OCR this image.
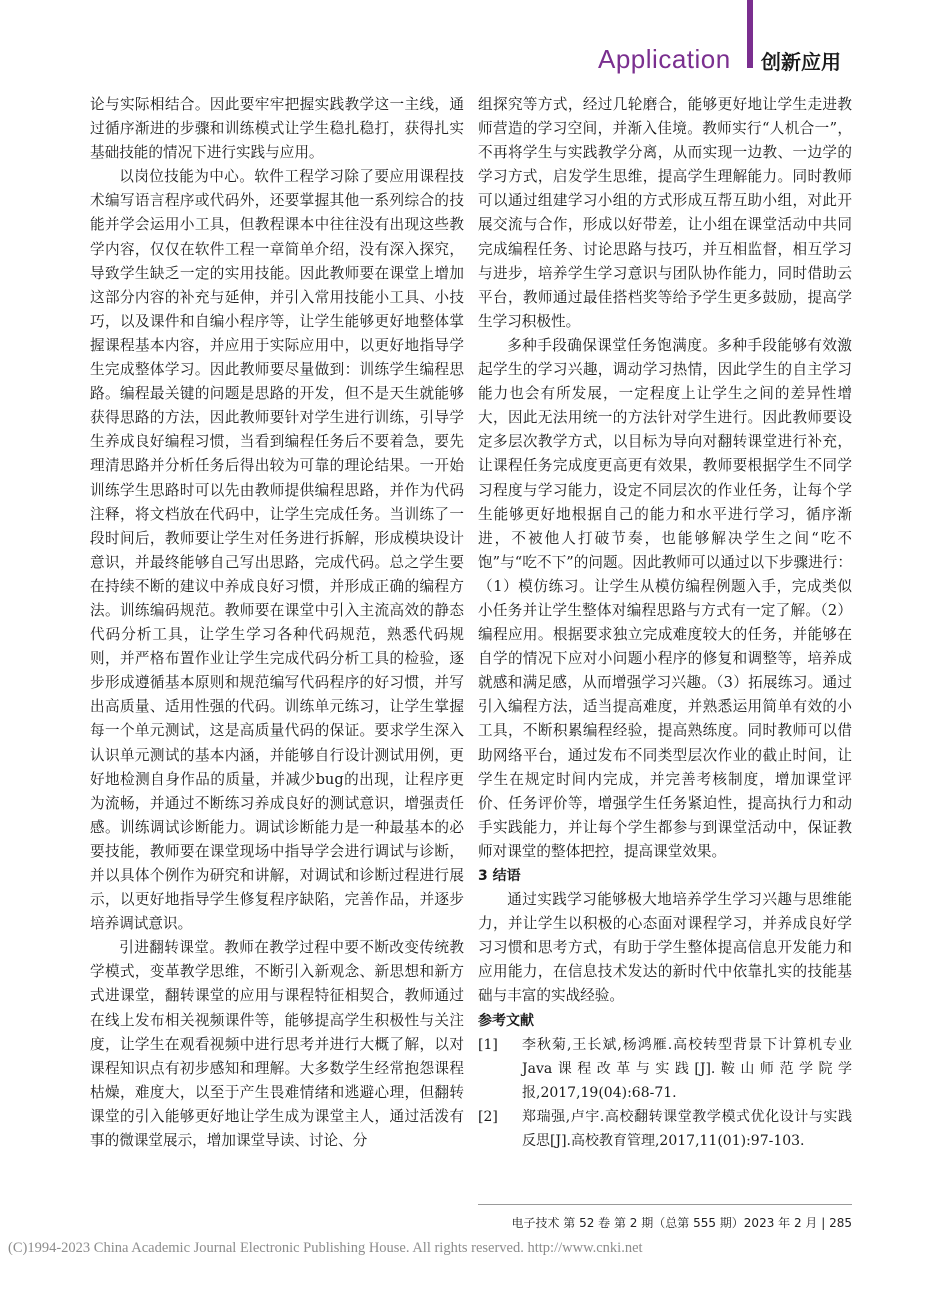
Application 创新应用

论与实际相结合。因此要牢牢把握实践教学这一主线，通过循序渐进的步骤和训练模式让学生稳扎稳打，获得扎实基础技能的情况下进行实践与应用。

以岗位技能为中心。软件工程学习除了要应用课程技术编写语言程序或代码外，还要掌握其他一系列综合的技能并学会运用小工具，但教程课本中往往没有出现这些教学内容，仅仅在软件工程一章简单介绍，没有深入探究，导致学生缺乏一定的实用技能。因此教师要在课堂上增加这部分内容的补充与延伸，并引入常用技能小工具、小技巧，以及课件和自编小程序等，让学生能够更好地整体掌握课程基本内容，并应用于实际应用中，以更好地指导学生完成整体学习。因此教师要尽量做到：训练学生编程思路。编程最关键的问题是思路的开发，但不是天生就能够获得思路的方法，因此教师要针对学生进行训练，引导学生养成良好编程习惯，当看到编程任务后不要着急，要先理清思路并分析任务后得出较为可靠的理论结果。一开始训练学生思路时可以先由教师提供编程思路，并作为代码注释，将文档放在代码中，让学生完成任务。当训练了一段时间后，教师要让学生对任务进行拆解，形成模块设计意识，并最终能够自己写出思路，完成代码。总之学生要在持续不断的建议中养成良好习惯，并形成正确的编程方法。训练编码规范。教师要在课堂中引入主流高效的静态代码分析工具，让学生学习各种代码规范，熟悉代码规则，并严格布置作业让学生完成代码分析工具的检验，逐步形成遵循基本原则和规范编写代码程序的好习惯，并写出高质量、适用性强的代码。训练单元练习，让学生掌握每一个单元测试，这是高质量代码的保证。要求学生深入认识单元测试的基本内涵，并能够自行设计测试用例，更好地检测自身作品的质量，并减少bug的出现，让程序更为流畅，并通过不断练习养成良好的测试意识，增强责任感。训练调试诊断能力。调试诊断能力是一种最基本的必要技能，教师要在课堂现场中指导学会进行调试与诊断，并以具体个例作为研究和讲解，对调试和诊断过程进行展示，以更好地指导学生修复程序缺陷，完善作品，并逐步培养调试意识。

引进翻转课堂。教师在教学过程中要不断改变传统教学模式，变革教学思维，不断引入新观念、新思想和新方式进课堂，翻转课堂的应用与课程特征相契合，教师通过在线上发布相关视频课件等，能够提高学生积极性与关注度，让学生在观看视频中进行思考并进行大概了解，以对课程知识点有初步感知和理解。大多数学生经常抱怨课程枯燥，难度大，以至于产生畏难情绪和逃避心理，但翻转课堂的引入能够更好地让学生成为课堂主人，通过活泼有事的微课堂展示，增加课堂导读、讨论、分

组探究等方式，经过几轮磨合，能够更好地让学生走进教师营造的学习空间，并渐入佳境。教师实行“人机合一”，不再将学生与实践教学分离，从而实现一边教、一边学的学习方式，启发学生思维，提高学生理解能力。同时教师可以通过组建学习小组的方式形成互帮互助小组，对此开展交流与合作，形成以好带差，让小组在课堂活动中共同完成编程任务、讨论思路与技巧，并互相监督，相互学习与进步，培养学生学习意识与团队协作能力，同时借助云平台，教师通过最佳搭档奖等给予学生更多鼓励，提高学生学习积极性。

多种手段确保课堂任务饱满度。多种手段能够有效激起学生的学习兴趣，调动学习热情，因此学生的自主学习能力也会有所发展，一定程度上让学生之间的差异性增大，因此无法用统一的方法针对学生进行。因此教师要设定多层次教学方式，以目标为导向对翻转课堂进行补充，让课程任务完成度更高更有效果，教师要根据学生不同学习程度与学习能力，设定不同层次的作业任务，让每个学生能够更好地根据自己的能力和水平进行学习，循序渐进，不被他人打破节奏，也能够解决学生之间“吃不饱”与“吃不下”的问题。因此教师可以通过以下步骤进行：（1）模仿练习。让学生从模仿编程例题入手，完成类似小任务并让学生整体对编程思路与方式有一定了解。（2）编程应用。根据要求独立完成难度较大的任务，并能够在自学的情况下应对小问题小程序的修复和调整等，培养成就感和满足感，从而增强学习兴趣。（3）拓展练习。通过引入编程方法，适当提高难度，并熟悉运用简单有效的小工具，不断积累编程经验，提高熟练度。同时教师可以借助网络平台，通过发布不同类型层次作业的截止时间，让学生在规定时间内完成，并完善考核制度，增加课堂评价、任务评价等，增强学生任务紧迫性，提高执行力和动手实践能力，并让每个学生都参与到课堂活动中，保证教师对课堂的整体把控，提高课堂效果。

3 结语

通过实践学习能够极大地培养学生学习兴趣与思维能力，并让学生以积极的心态面对课程学习，并养成良好学习习惯和思考方式，有助于学生整体提高信息开发能力和应用能力，在信息技术发达的新时代中依靠扎实的技能基础与丰富的实战经验。

参考文献
[1]	李秋菊,王长斌,杨鸿雁.高校转型背景下计算机专业Java课程改革与实践[J].鞍山师范学院学报,2017,19(04):68-71.
[2]	郑瑞强,卢宇.高校翻转课堂教学模式优化设计与实践反思[J].高校教育管理,2017,11(01):97-103.
电子技术 第 52 卷 第 2 期（总第 555 期）2023 年 2 月 | 285
(C)1994-2023 China Academic Journal Electronic Publishing House. All rights reserved. http://www.cnki.net
